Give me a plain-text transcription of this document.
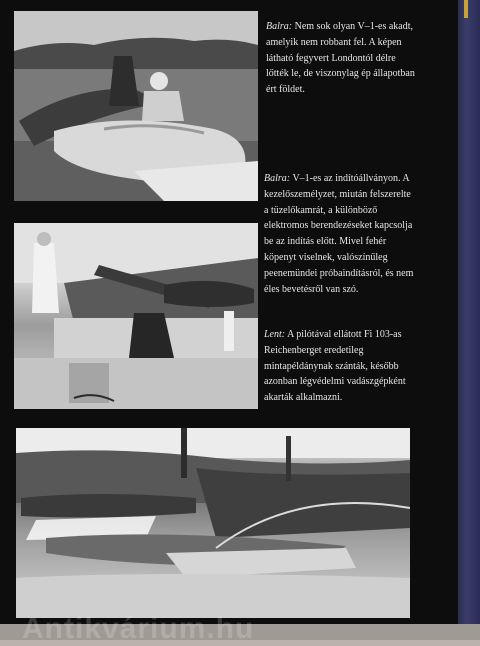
Balra: Nem sok olyan V–1-es akadt, amelyik nem robbant fel. A képen látható fegyvert Londontól délre lőtték le, de viszonylag ép állapotban ért földet.
Balra: V–1-es az indítóállványon. A kezelőszemélyzet, miután felszerelte a tüzelőkamrát, a különböző elektromos berendezéseket kapcsolja be az indítás előtt. Mivel fehér köpenyt viselnek, valószínűleg peenemündei próbaindításról, és nem éles bevetésről van szó.
Lent: A pilótával ellátott Fi 103-as Reichenberget eredetileg mintapéldánynak szánták, később azonban légvédelmi vadászgépként akarták alkalmazni.
Antikvárium.hu
